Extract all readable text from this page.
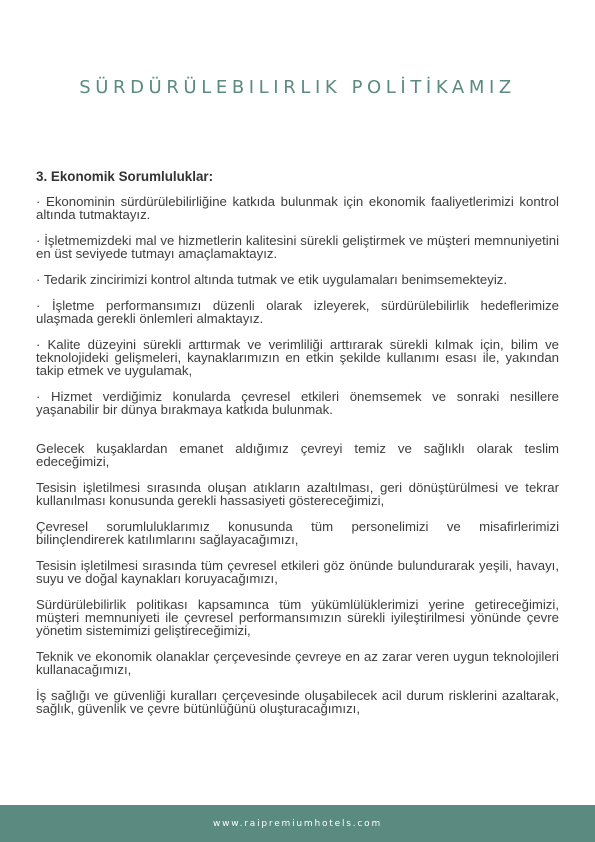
SÜRDÜRÜLEBILIRLIK POLİTİKAMIZ

3. Ekonomik Sorumluluklar:

· Ekonominin sürdürülebilirliğine katkıda bulunmak için ekonomik faaliyetlerimizi kontrol altında tutmaktayız.

· İşletmemizdeki mal ve hizmetlerin kalitesini sürekli geliştirmek ve müşteri memnuniyetini en üst seviyede tutmayı amaçlamaktayız.

· Tedarik zincirimizi kontrol altında tutmak ve etik uygulamaları benimsemekteyiz.

· İşletme performansımızı düzenli olarak izleyerek, sürdürülebilirlik hedeflerimize ulaşmada gerekli önlemleri almaktayız.

· Kalite düzeyini sürekli arttırmak ve verimliliği arttırarak sürekli kılmak için, bilim ve teknolojideki gelişmeleri, kaynaklarımızın en etkin şekilde kullanımı esası ile, yakından takip etmek ve uygulamak,

· Hizmet verdiğimiz konularda çevresel etkileri önemsemek ve sonraki nesillere yaşanabilir bir dünya bırakmaya katkıda bulunmak.

Gelecek kuşaklardan emanet aldığımız çevreyi temiz ve sağlıklı olarak teslim edeceğimizi,

Tesisin işletilmesi sırasında oluşan atıkların azaltılması, geri dönüştürülmesi ve tekrar kullanılması konusunda gerekli hassasiyeti göstereceğimizi,

Çevresel sorumluluklarımız konusunda tüm personelimizi ve misafirlerimizi bilinçlendirerek katılımlarını sağlayacağımızı,

Tesisin işletilmesi sırasında tüm çevresel etkileri göz önünde bulundurarak yeşili, havayı, suyu ve doğal kaynakları koruyacağımızı,

Sürdürülebilirlik politikası kapsamınca tüm yükümlülüklerimizi yerine getireceğimizi, müşteri memnuniyeti ile çevresel performansımızın sürekli iyileştirilmesi yönünde çevre yönetim sistemimizi geliştireceğimizi,

Teknik ve ekonomik olanaklar çerçevesinde çevreye en az zarar veren uygun teknolojileri kullanacağımızı,

İş sağlığı ve güvenliği kuralları çerçevesinde oluşabilecek acil durum risklerini azaltarak, sağlık, güvenlik ve çevre bütünlüğünü oluşturacağımızı,

www.raipremiumhotels.com
